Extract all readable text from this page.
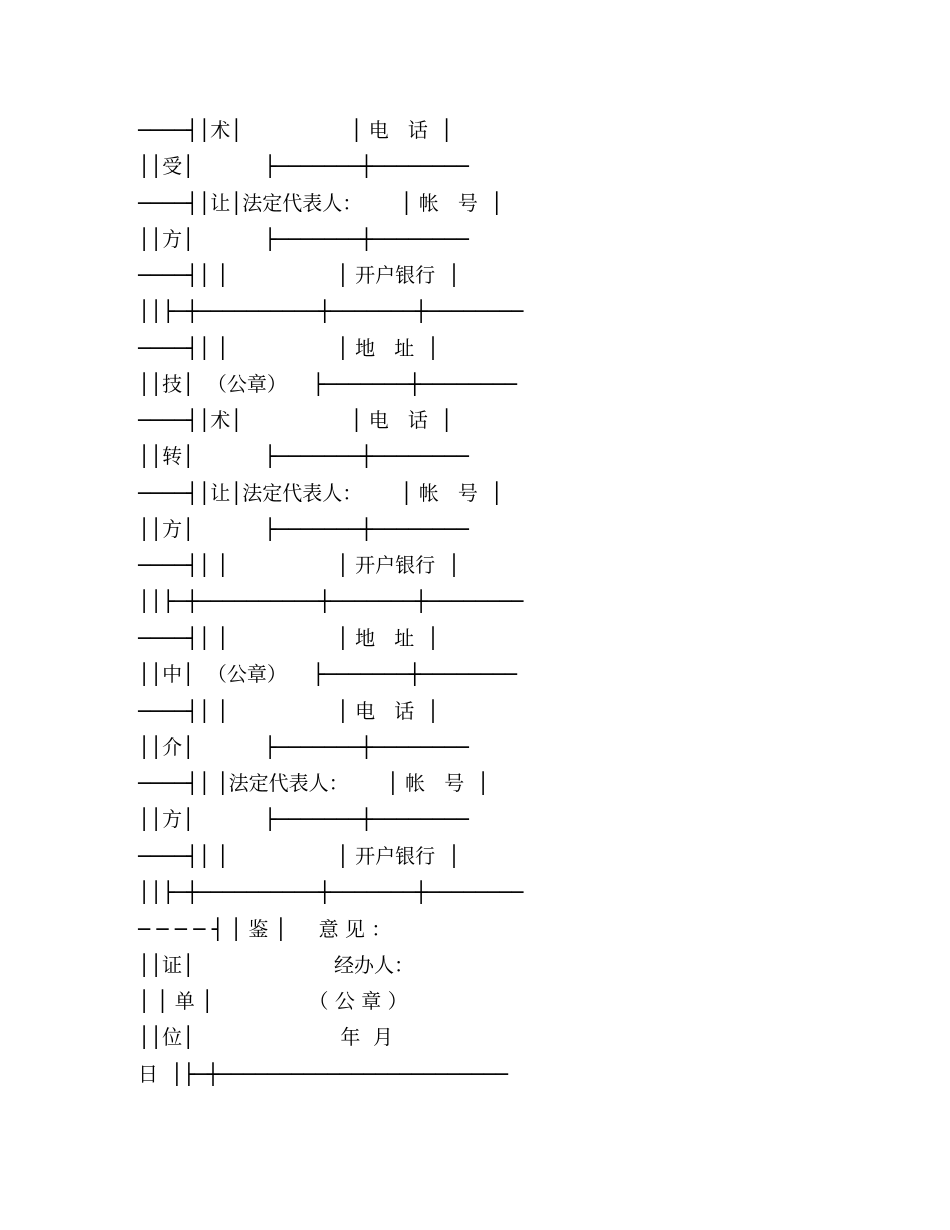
────┤│术│                 │ 电   话  │

││受│           ├───────┼────────

────┤│让│法定代表人：      │ 帐   号  │

││方│           ├───────┼────────

────┤│ │                 │ 开户银行  │

││├─┼──────────┼───────┼────────

────┤│ │                 │ 地   址  │

││技│  （公章）    ├───────┼────────

────┤│术│                 │ 电   话  │

││转│           ├───────┼────────

────┤│让│法定代表人：      │ 帐   号  │

││方│           ├───────┼────────

────┤│ │                 │ 开户银行  │

││├─┼──────────┼───────┼────────

────┤│ │                 │ 地   址  │

││中│  （公章）    ├───────┼────────

────┤│ │                 │ 电   话  │

││介│           ├───────┼────────

────┤│ │法定代表人：      │ 帐   号  │

││方│           ├───────┼────────

────┤│ │                 │ 开户银行  │

││├─┼──────────┼───────┼────────

─ ─ ─ ─ ┤ │ 鉴 │     意 见 ：

││证│                      经办人：

│ │ 单 │               （ 公 章 ）

││位│                       年  月

日  │├─┼────────────────────────
